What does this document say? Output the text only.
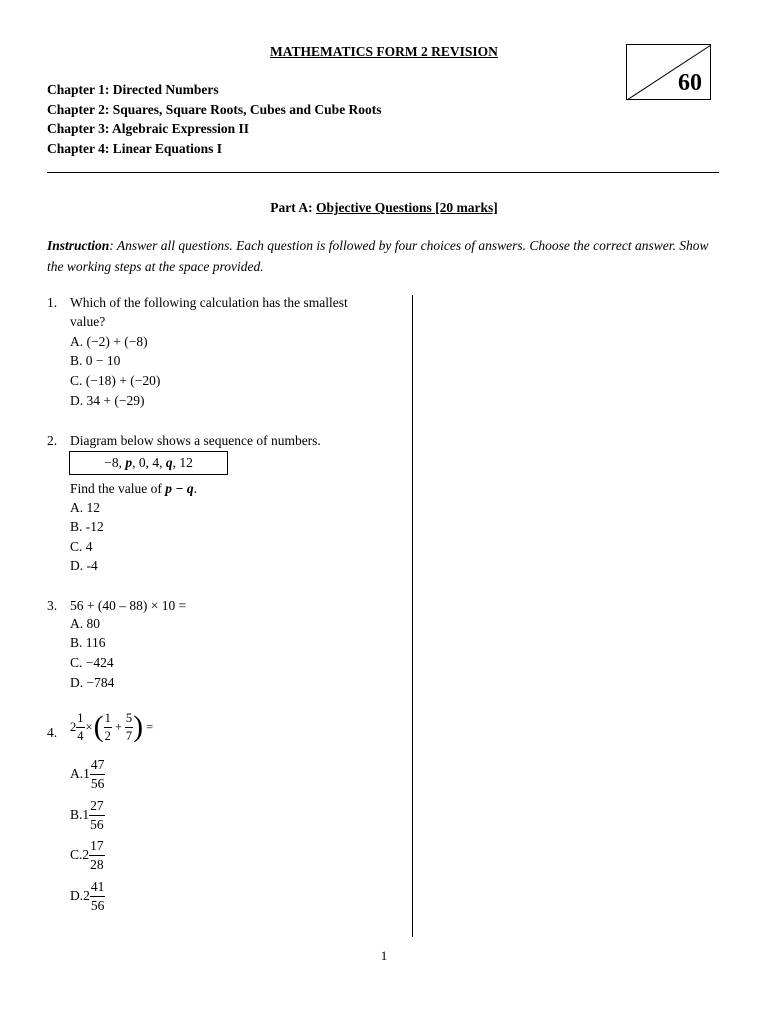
MATHEMATICS FORM 2 REVISION
Chapter 1: Directed Numbers
Chapter 2: Squares, Square Roots, Cubes and Cube Roots
Chapter 3: Algebraic Expression II
Chapter 4: Linear Equations I
60
Part A: Objective Questions [20 marks]
Instruction: Answer all questions. Each question is followed by four choices of answers. Choose the correct answer. Show the working steps at the space provided.
1. Which of the following calculation has the smallest
value?
A. (−2) + (−8)
B. 0 − 10
C. (−18) + (−20)
D. 34 + (−29)
2. Diagram below shows a sequence of numbers.
−8, p, 0, 4, q, 12
Find the value of p − q.
A. 12
B. -12
C. 4
D. -4
3. 56 + (40 – 88) × 10 =
A. 80
B. 116
C. −424
D. −784
4. $2 \frac{1}{4}$ × ( $\frac{1}{2} + \frac{5}{7}$ ) =
A. $1 \frac{47}{56}$
B. $1 \frac{27}{56}$
C. $2 \frac{17}{28}$
D. $2 \frac{41}{56}$
1
